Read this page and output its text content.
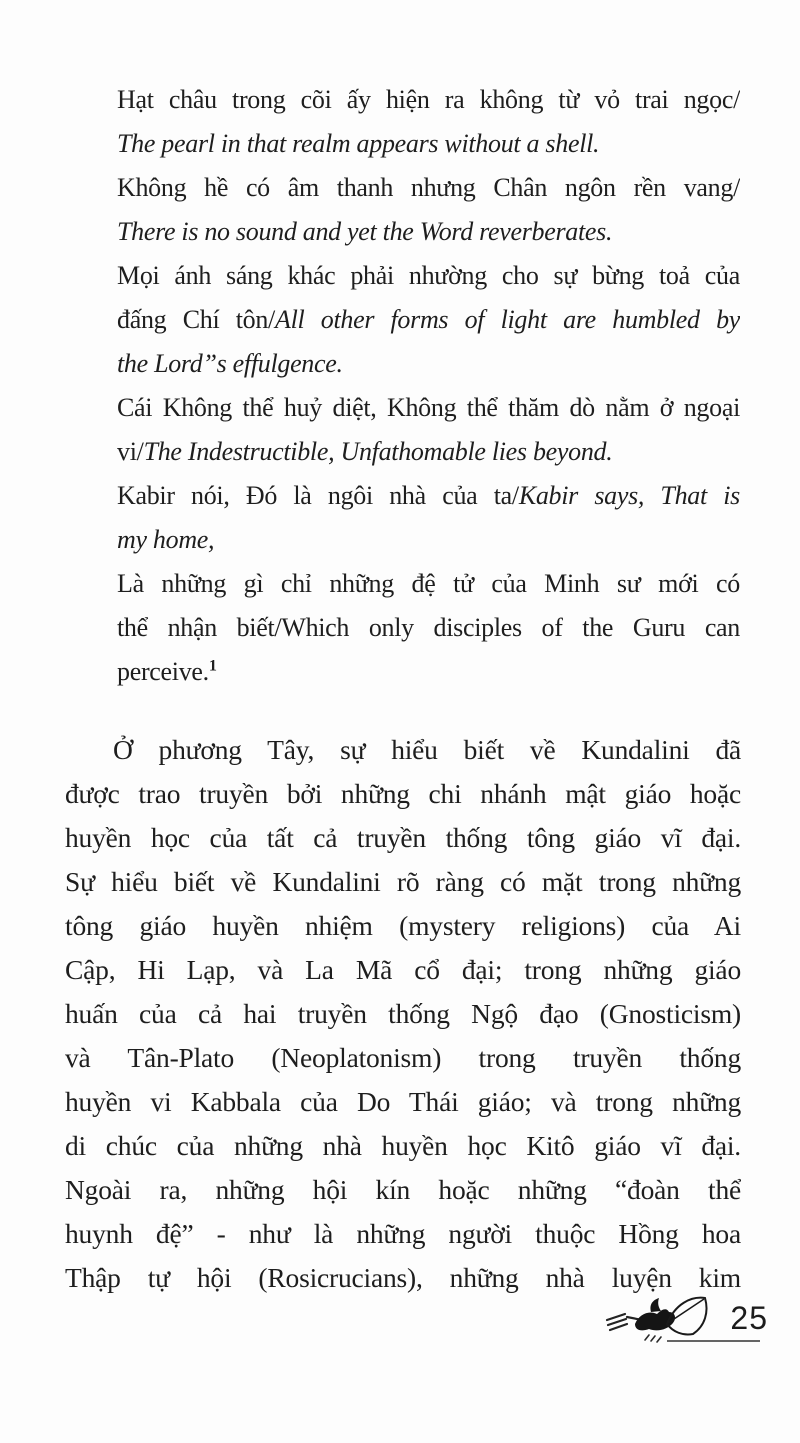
Hạt châu trong cõi ấy hiện ra không từ vỏ trai ngọc/
The pearl in that realm appears without a shell.
Không hề có âm thanh nhưng Chân ngôn rền vang/
There is no sound and yet the Word reverberates.
Mọi ánh sáng khác phải nhường cho sự bừng toả của
đấng Chí tôn/All other forms of light are humbled by
the Lord”s effulgence.
Cái Không thể huỷ diệt, Không thể thăm dò nằm ở ngoại
vi/The Indestructible, Unfathomable lies beyond.
Kabir nói, Đó là ngôi nhà của ta/Kabir says, That is
my home,
Là những gì chỉ những đệ tử của Minh sư mới có
thể nhận biết/Which only disciples of the Guru can
perceive.$^1$
Ở phương Tây, sự hiểu biết về Kundalini đã
được trao truyền bởi những chi nhánh mật giáo hoặc
huyền học của tất cả truyền thống tông giáo vĩ đại.
Sự hiểu biết về Kundalini rõ ràng có mặt trong những
tông giáo huyền nhiệm (mystery religions) của Ai
Cập, Hi Lạp, và La Mã cổ đại; trong những giáo
huấn của cả hai truyền thống Ngộ đạo (Gnosticism)
và Tân-Plato (Neoplatonism) trong truyền thống
huyền vi Kabbala của Do Thái giáo; và trong những
di chúc của những nhà huyền học Kitô giáo vĩ đại.
Ngoài ra, những hội kín hoặc những “đoàn thể
huynh đệ” - như là những người thuộc Hồng hoa
Thập tự hội (Rosicrucians), những nhà luyện kim
25
